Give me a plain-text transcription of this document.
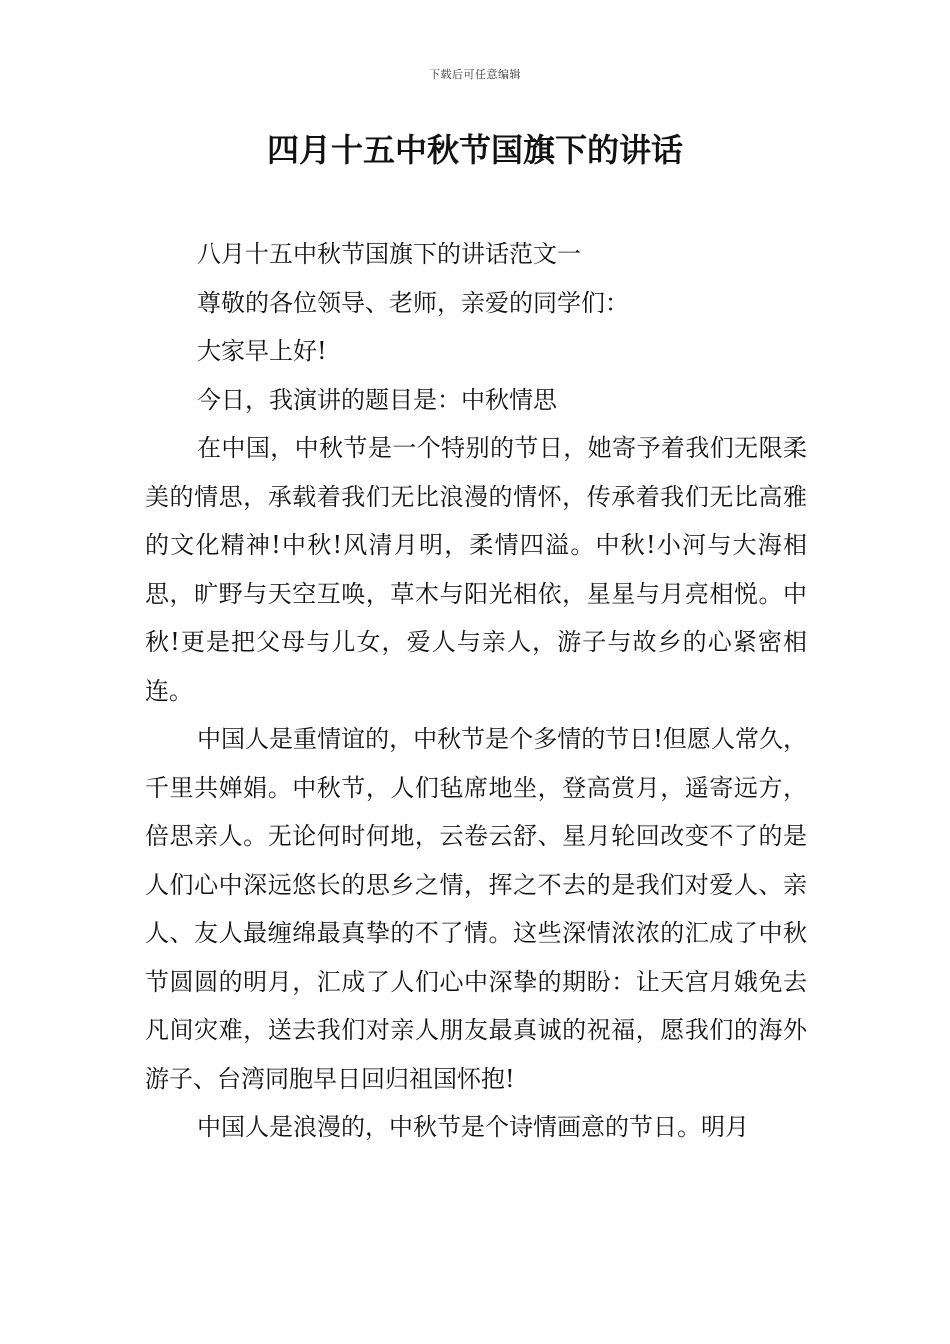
下载后可任意编辑
四月十五中秋节国旗下的讲话

八月十五中秋节国旗下的讲话范文一

尊敬的各位领导、老师，亲爱的同学们：

大家早上好!

今日，我演讲的题目是：中秋情思

在中国，中秋节是一个特别的节日，她寄予着我们无限柔美的情思，承载着我们无比浪漫的情怀，传承着我们无比高雅的文化精神!中秋!风清月明，柔情四溢。中秋!小河与大海相思，旷野与天空互唤，草木与阳光相依，星星与月亮相悦。中秋!更是把父母与儿女，爱人与亲人，游子与故乡的心紧密相连。

中国人是重情谊的，中秋节是个多情的节日!但愿人常久，千里共婵娟。中秋节，人们毡席地坐，登高赏月，遥寄远方，倍思亲人。无论何时何地，云卷云舒、星月轮回改变不了的是人们心中深远悠长的思乡之情，挥之不去的是我们对爱人、亲人、友人最缠绵最真挚的不了情。这些深情浓浓的汇成了中秋节圆圆的明月，汇成了人们心中深挚的期盼：让天宫月娥免去凡间灾难，送去我们对亲人朋友最真诚的祝福，愿我们的海外游子、台湾同胞早日回归祖国怀抱!

中国人是浪漫的，中秋节是个诗情画意的节日。明月
